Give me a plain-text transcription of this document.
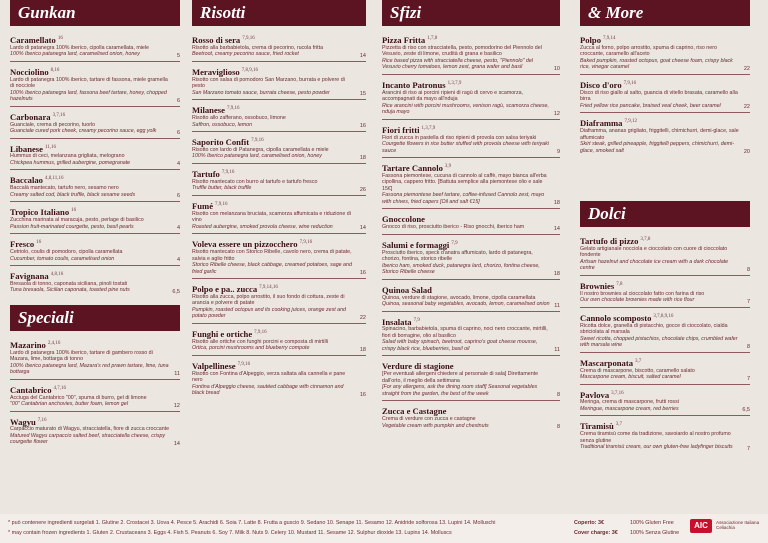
Gunkan
Caramellato $^{16}$
Lardo di patanegra 100% iberico, cipolla caramellata, miele
100% Iberico patanegra lard, caramelised onion, honey	5
Nocciolino $^{8,16}$
Lardo di patanegra 100% iberico, tartare di fassona, miele gramella di nocciole
100% Iberico patanegra lard, fassona beef tartare, honey, chopped hazelnuts	6
Carbonara $^{3,7,16}$
Guanciale, crema di pecorino, tuorlo
Guanciale cured pork cheek, creamy pecorino sauce, egg yolk	6
Libanese $^{11,16}$
Hummus di ceci, melanzana grigliata, melograno
Chickpea hummus, grilled aubergine, pomegranate	4
Baccalao $^{4,8,11,16}$
Baccalà mantecato, tartufo nero, sesamo nero
Creamy salted cod, black truffle, black sesame seeds	6
Tropico Italiano $^{16}$
Zucchina marinata al maracuja, pesto, perlage di basilico
Passion fruit-marinated courgette, pesto, basil pearls	4
Fresco $^{16}$
Cetriolo, coulis di pomodoro, cipolla caramellata
Cucumber, tomato coulis, caramelised onion	4
Favignana $^{4,8,16}$
Bresaola di tonno, caponata siciliana, pinoli tostati
Tuna bresaola, Sicilian caponata, toasted pine nuts	6,5
Speciali
Mazarino $^{2,4,16}$
Lardo di patanegra 100% iberico, tartare di gambero rosso di Mazara, lime, bottarga di tonno
100% Iberico patanegra lard, Mazara's red prawn tartare, lime, tuna bottarga	11
Cantabrico $^{4,7,16}$
Acciuga del Cantabrico "00", spuma di burro, gel di limone
"00" Cantabrian anchovies, butter foam, lemon gel	12
Wagyu $^{7,16}$
Carpaccio maturato di Wagyu, stracciatella, fiore di zucca croccante
Matured Wagyu carpaccio salted beef, stracciatella cheese, crispy courgette flower	14
Risotti
Rosso di sera $^{7,9,16}$
Risotto alla barbabietola, crema di pecorino, rucola fritta
Beetroot, creamy pecorino sauce, fried rocket	14
Meraviglioso $^{7,8,9,16}$
Risotto con salsa di pomodoro San Marzano, burrata e polvere di pesto
San Marzano tomato sauce, burrata cheese, pesto powder	15
Milanese $^{7,9,16}$
Risotto allo zafferano, ossobuco, limone
Saffron, ossobuco, lemon	16
Saporito Confit $^{7,9,16}$
Risotto con lardo di Patanegra, cipolla caramellata e miele
100% Iberico patanegra lard, caramelised onion, honey	18
Tartufo $^{7,9,16}$
Risotto mantecato con burro al tartufo e tartufo fresco
Truffle butter, black truffle	26
Fumé $^{7,9,16}$
Risotto con melanzana bruciata, scamorza affumicata e riduzione di vino
Roasted aubergine, smoked provola cheese, wine reduction	14
Voleva essere un pizzocchero $^{7,9,16}$
Risotto mantecato con Storico Ribelle, cavolo nero, crema di patate, salvia e aglio fritto
Storico Ribelle cheese, black cabbage, creamed potatoes, sage and fried garlic	16
Polpo e pa.. zucca $^{7,9,14,16}$
Risotto alla zucca, polpo arrostito, il suo fondo di cottura, zeste di arancia e polvere di patate
Pumpkin, roasted octopus and its cooking juices, orange zest and potato powder	22
Funghi e ortiche $^{7,9,16}$
Risotto alle ortiche con funghi porcini e composta di mirtilli
Ortica, porcini mushrooms and blueberry compote	18
Valpellinese $^{7,9,16}$
Risotto con Fontina d'Alpeggio, verza saltata alla cannella e pane nero
Fontina d'Alpeggio cheese, sautéed cabbage with cinnamon and black bread	16
Sfizi
Pizza Fritta $^{1,7,8}$
Pizzetta di riso con stracciatella, pesto, pomodorino del Piennolo del Vesuvio, zeste di limone, crudità di grana e basilico
Rice based pizza with stracciatella cheese, pesto, "Piennolo" del Vesuvio cherry tomatoes, lemon zest, grana wafer and basil	10
Incanto Patronus $^{1,3,7,9}$
Arancini di riso ai porcini ripieni di ragù di cervo e scamorza, accompagnati da mayo all'nduja
Rice arancini with porcini mushrooms, venison ragù, scamorza cheese, nduja mayo	12
Fiori fritti $^{1,3,7,9}$
Fiori di zucca in pastella di riso ripieni di provola con salsa teriyaki
Courgette flowers in rice butter stuffed with provola cheese with teriyaki sauce	9
Tartare Cannolo $^{3,9}$
Fassona piemontese, cucuna di cannolo al caffè, mayo bianca all'erba cipollina, cappero fritto. [Battuta semplice alla piemontese olio e sale 15€]
Fassona piemontese beef tartare, coffee-infused Cannolo zest, mayo with chives, fried capers [Oil and salt €15]	18
Gnoccolone
Gnocco di riso, prosciutto iberico - Riso gnocchi, iberico ham	14
Salumi e formaggi $^{7,9}$
Prosciutto iberico, speck d'anatra affumicato, lardo di patanegra, chorizo, fontina, storico ribelle
Iberico ham, smoked duck, patanegra lard, chorizo, fontina cheese, Storico Ribelle cheese	18
Quinoa Salad
Quinoa, verdure di stagione, avocado, limone, cipolla caramellata
Quinoa, seasonal baby vegetables, avocado, lemon, caramelised onion 11
Insalata $^{7,9}$
Spinacino, barbabietola, spuma di caprino, noci nero croccante, mirtilli, fiori di borragine, olio al basilico
Salad with baby spinach, beetroot, caprino's goat cheese mousse, crispy black rice, blueberries, basil oil	11
Verdure di stagione
[Per eventuali allergeni chiedere al personale di sala] Direttamente dall'orto, il meglio della settimana
[For any allergens, ask the dining room staff] Seasonal vegetables straight from the garden, the best of the week	8
Zucca e Castagne
Crema di verdure con zucca e castagne
Vegetable cream with pumpkin and chestnuts	8
& More
Polpo $^{7,9,14}$
Zucca al forno, polpo arrostito, spuma di caprino, riso nero croccante, caramello all'aceto
Baked pumpkin, roasted octopus, goat cheese foam, crispy black rice, vinegar caramel	22
Disco d'oro $^{7,9,16}$
Disco di riso giallo al salto, guancia di vitello brasata, caramello alla birra
Fried yellow rice pancake, braised veal cheek, beer caramel	22
Diaframma $^{7,9,12}$
Diaframma, ananas grigliato, friggitelli, chimichurri, demi-glace, sale affumicato
Skirt steak, grilled pineapple, friggitelli peppers, chimichurri, demi-glace, smoked salt	20
Dolci
Tartufo di pizzo $^{3,7,8}$
Gelato artigianale nocciola e cioccolato con cuore di cioccolato fondente
Artisan hazelnut and chocolate ice cream with a dark chocolate centre	8
Brownies $^{7,8}$
Il nostro brownies al cioccolato fatto con farina di riso
Our own chocolate brownies made with rice flour	7
Cannolo scomposto $^{3,7,8,9,16}$
Ricotta dolce, granella di pistacchio, gocce di cioccolato, cialda sbriciolata al marsala
Sweet ricotta, chopped pistachios, chocolate chips, crumbled wafer with marsala wine	8
Mascarponata $^{3,7}$
Crema di mascarpone, biscotto, caramello salato
Mascarpone cream, biscuit, salted caramel	7
Pavlova $^{3,7,16}$
Meringa, crema di mascarpone, frutti rossi
Meringue, mascarpone cream, red berries	6,5
Tiramisù $^{3,7}$
Crema tiramisù come da tradizione, savoiardo al nostro profumo senza glutine
Traditional tiramisù cream, our own gluten-free ladyfinger biscuits	7
* può contenere ingredienti surgelati 1. Glutine 2. Crostacei 3. Uova 4. Pesce 5. Arachidi 6. Soia 7. Latte 8. Frutta a guscio 9. Sedano 10. Senape 11. Sesamo 12. Anidride solforosa 13. Lupini 14. Molluschi
* may contain frozen ingredients 1. Gluten 2. Crustaceans 3. Eggs 4. Fish 5. Peanuts 6. Soy 7. Milk 8. Nuts 9. Celery 10. Mustard 11. Sesame 12. Sulphur dioxide 13. Lupins 14. Molluscs
Coperto: 3€
Cover charge: 3€
100% Gluten Free
100% Senza Glutine
AIC	Associazione Italiana Celiachia
